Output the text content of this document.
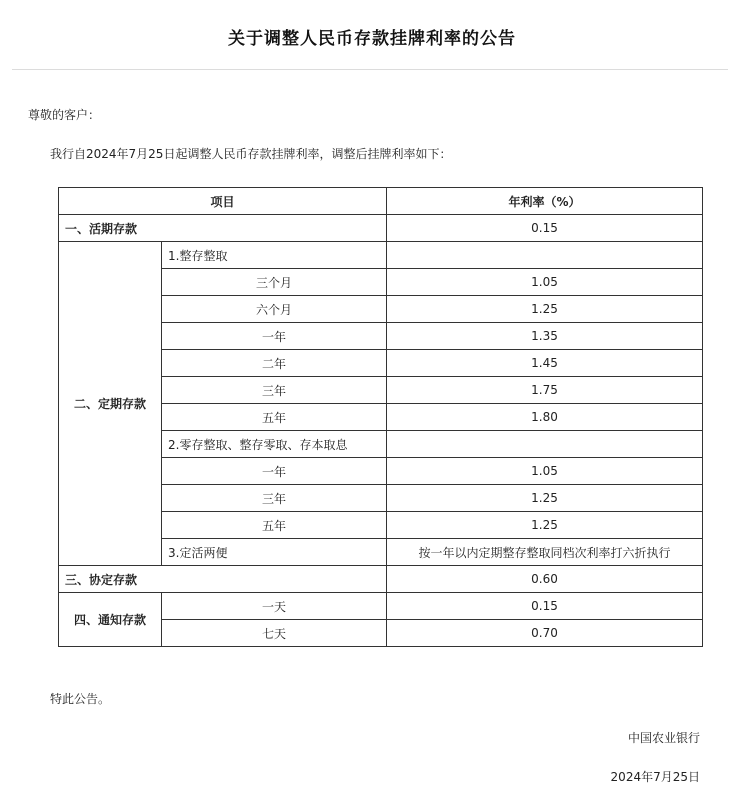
关于调整人民币存款挂牌利率的公告
尊敬的客户：
我行自2024年7月25日起调整人民币存款挂牌利率，调整后挂牌利率如下：
项目		年利率（%）
一、活期存款		0.15
二、定期存款	1.整存整取	
	三个月	1.05
	六个月	1.25
	一年	1.35
	二年	1.45
	三年	1.75
	五年	1.80
	2.零存整取、整存零取、存本取息	
	一年	1.05
	三年	1.25
	五年	1.25
	3.定活两便	按一年以内定期整存整取同档次利率打六折执行
三、协定存款		0.60
四、通知存款	一天	0.15
	七天	0.70
特此公告。
中国农业银行
2024年7月25日
